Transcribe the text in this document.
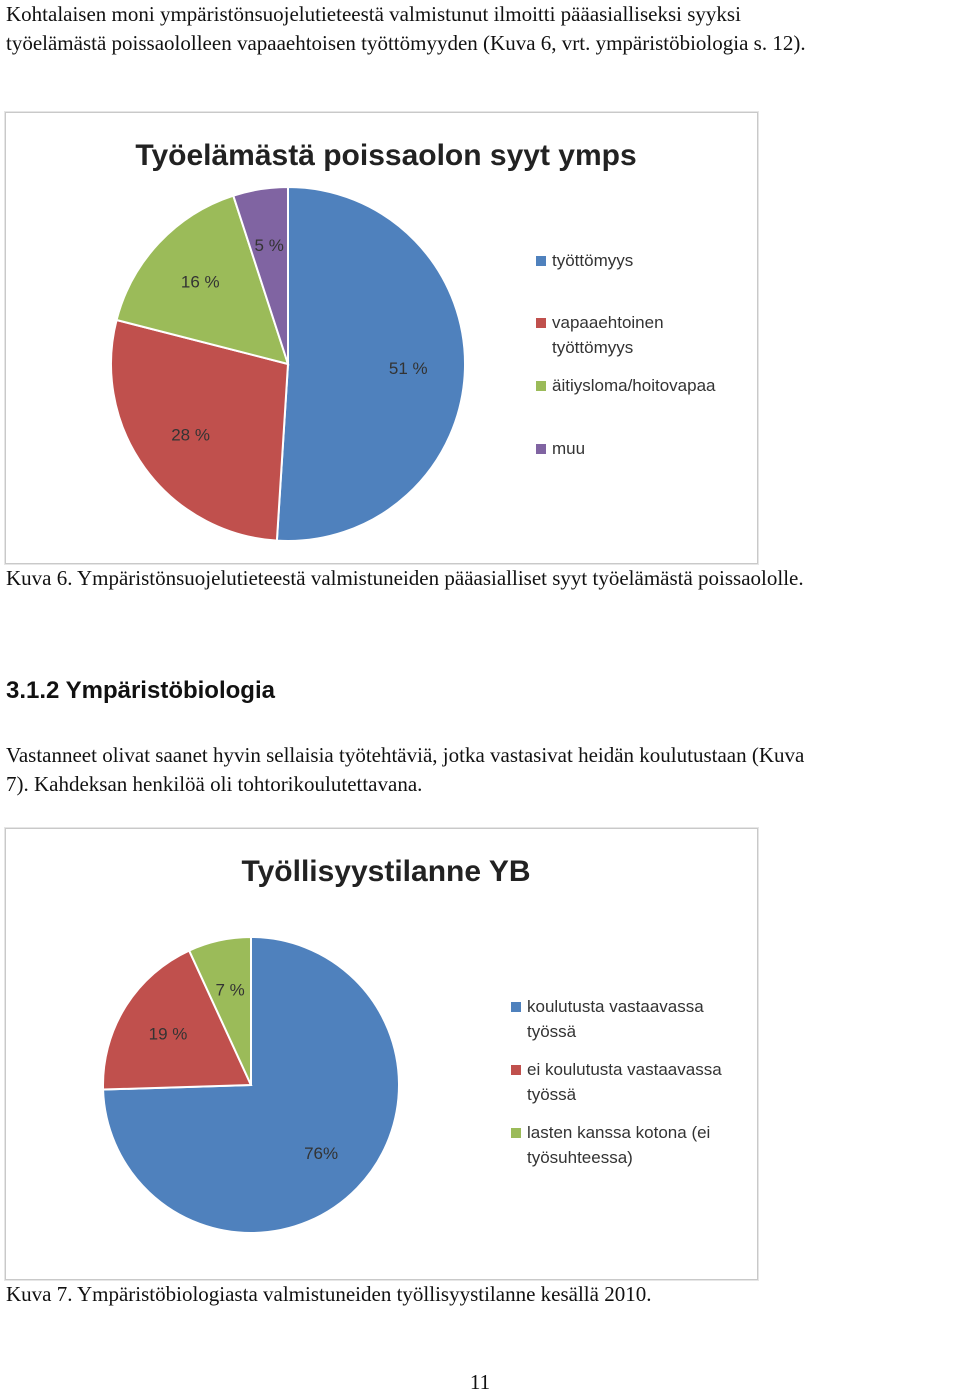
Kohtalaisen moni ympäristönsuojelutieteestä valmistunut ilmoitti pääasialliseksi syyksi
työelämästä poissaololleen vapaaehtoisen työttömyyden (Kuva 6, vrt. ympäristöbiologia s. 12).

Työelämästä poissaolon syyt ymps
51 %
28 %
16 %
5 %
työttömyys
vapaaehtoinen
työttömyys
äitiysloma/hoitovapaa
muu

Kuva 6. Ympäristönsuojelutieteestä valmistuneiden pääasialliset syyt työelämästä poissaololle.

3.1.2 Ympäristöbiologia

Vastanneet olivat saanet hyvin sellaisia työtehtäviä, jotka vastasivat heidän koulutustaan (Kuva
7). Kahdeksan henkilöä oli tohtorikoulutettavana.

Työllisyystilanne YB
76%
19 %
7 %
koulutusta vastaavassa
työssä
ei koulutusta vastaavassa
työssä
lasten kanssa kotona (ei
työsuhteessa)

Kuva 7. Ympäristöbiologiasta valmistuneiden työllisyystilanne kesällä 2010.

11
